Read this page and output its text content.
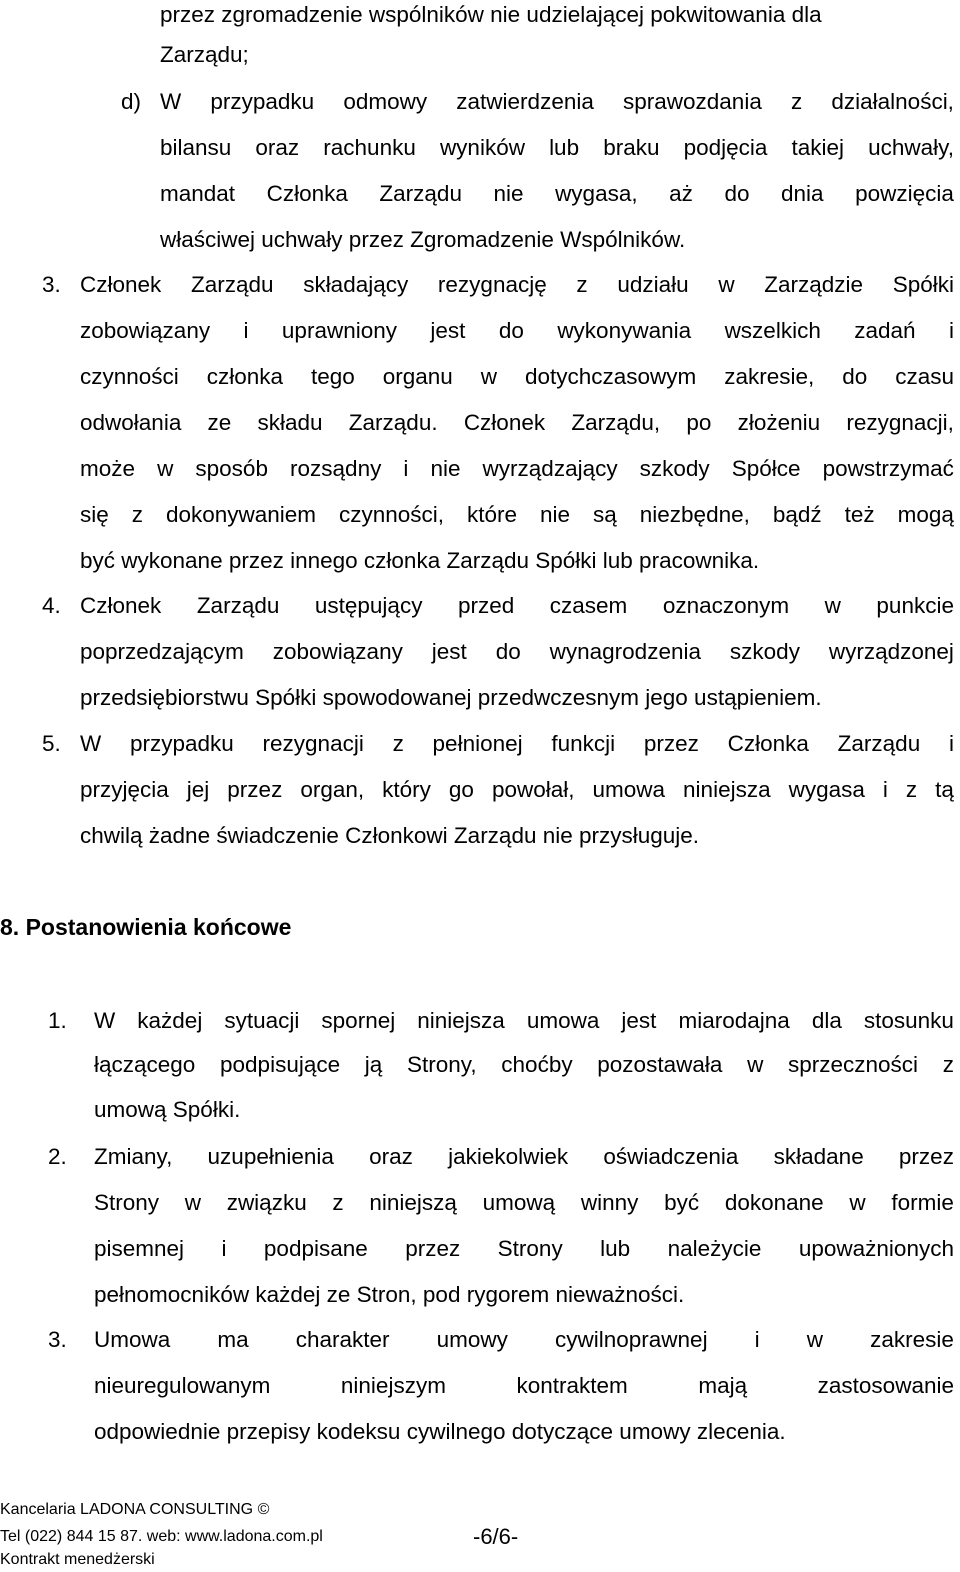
przez zgromadzenie wspólników nie udzielającej pokwitowania dla
Zarządu;
d) W przypadku odmowy zatwierdzenia sprawozdania z działalności,
bilansu oraz rachunku wyników lub braku podjęcia takiej uchwały,
mandat Członka Zarządu nie wygasa, aż do dnia powzięcia
właściwej uchwały przez Zgromadzenie Wspólników.
3. Członek Zarządu składający rezygnację z udziału w Zarządzie Spółki
zobowiązany i uprawniony jest do wykonywania wszelkich zadań i
czynności członka tego organu w dotychczasowym zakresie, do czasu
odwołania ze składu Zarządu. Członek Zarządu, po złożeniu rezygnacji,
może w sposób rozsądny i nie wyrządzający szkody Spółce powstrzymać
się z dokonywaniem czynności, które nie są niezbędne, bądź też mogą
być wykonane przez innego członka Zarządu Spółki lub pracownika.
4. Członek Zarządu ustępujący przed czasem oznaczonym w punkcie
poprzedzającym zobowiązany jest do wynagrodzenia szkody wyrządzonej
przedsiębiorstwu Spółki spowodowanej przedwczesnym jego ustąpieniem.
5. W przypadku rezygnacji z pełnionej funkcji przez Członka Zarządu i
przyjęcia jej przez organ, który go powołał, umowa niniejsza wygasa i z tą
chwilą żadne świadczenie Członkowi Zarządu nie przysługuje.
8. Postanowienia końcowe
1. W każdej sytuacji spornej niniejsza umowa jest miarodajna dla stosunku
łączącego podpisujące ją Strony, choćby pozostawała w sprzeczności z
umową Spółki.
2. Zmiany, uzupełnienia oraz jakiekolwiek oświadczenia składane przez
Strony w związku z niniejszą umową winny być dokonane w formie
pisemnej i podpisane przez Strony lub należycie upoważnionych
pełnomocników każdej ze Stron, pod rygorem nieważności.
3. Umowa ma charakter umowy cywilnoprawnej i w zakresie
nieuregulowanym	niniejszym	kontraktem	mają	zastosowanie
odpowiednie przepisy kodeksu cywilnego dotyczące umowy zlecenia.
Kancelaria LADONA CONSULTING ©
Tel (022) 844 15 87. web: www.ladona.com.pl	-6/6-
Kontrakt menedżerski
